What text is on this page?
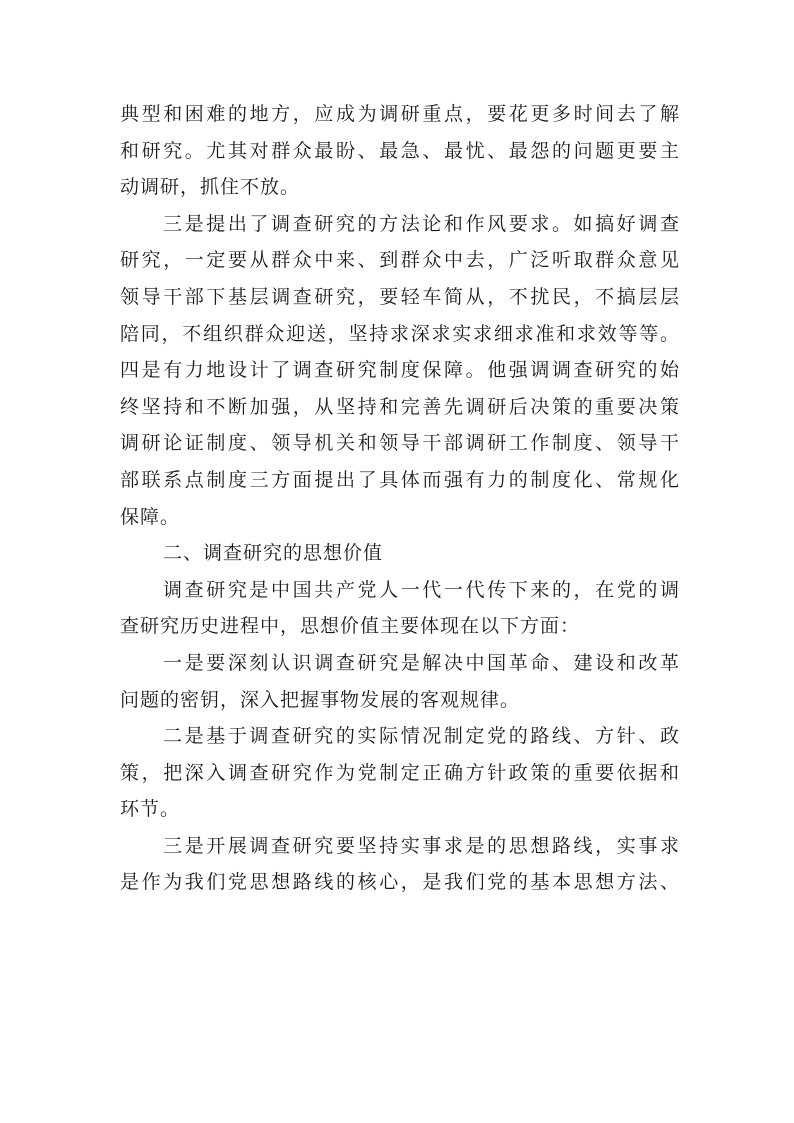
典型和困难的地方，应成为调研重点，要花更多时间去了解
和研究。尤其对群众最盼、最急、最忧、最怨的问题更要主
动调研，抓住不放。
三是提出了调查研究的方法论和作风要求。如搞好调查
研究，一定要从群众中来、到群众中去，广泛听取群众意见
领导干部下基层调查研究，要轻车简从，不扰民，不搞层层
陪同，不组织群众迎送，坚持求深求实求细求准和求效等等。
四是有力地设计了调查研究制度保障。他强调调查研究的始
终坚持和不断加强，从坚持和完善先调研后决策的重要决策
调研论证制度、领导机关和领导干部调研工作制度、领导干
部联系点制度三方面提出了具体而强有力的制度化、常规化
保障。
二、调查研究的思想价值
调查研究是中国共产党人一代一代传下来的，在党的调
查研究历史进程中，思想价值主要体现在以下方面：
一是要深刻认识调查研究是解决中国革命、建设和改革
问题的密钥，深入把握事物发展的客观规律。
二是基于调查研究的实际情况制定党的路线、方针、政
策，把深入调查研究作为党制定正确方针政策的重要依据和
环节。
三是开展调查研究要坚持实事求是的思想路线，实事求
是作为我们党思想路线的核心，是我们党的基本思想方法、
